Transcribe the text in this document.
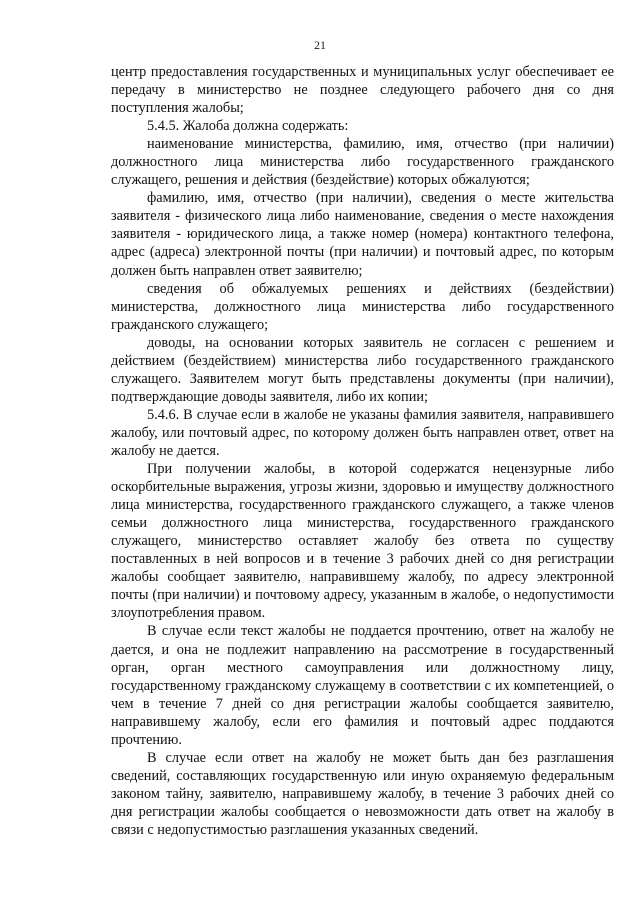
21

центр предоставления государственных и муниципальных услуг обеспечивает ее передачу в министерство не позднее следующего рабочего дня со дня поступления жалобы;

5.4.5. Жалоба должна содержать:

наименование министерства, фамилию, имя, отчество (при наличии) должностного лица министерства либо государственного гражданского служащего, решения и действия (бездействие) которых обжалуются;

фамилию, имя, отчество (при наличии), сведения о месте жительства заявителя - физического лица либо наименование, сведения о месте нахождения заявителя - юридического лица, а также номер (номера) контактного телефона, адрес (адреса) электронной почты (при наличии) и почтовый адрес, по которым должен быть направлен ответ заявителю;

сведения об обжалуемых решениях и действиях (бездействии) министерства, должностного лица министерства либо государственного гражданского служащего;

доводы, на основании которых заявитель не согласен с решением и действием (бездействием) министерства либо государственного гражданского служащего. Заявителем могут быть представлены документы (при наличии), подтверждающие доводы заявителя, либо их копии;

5.4.6. В случае если в жалобе не указаны фамилия заявителя, направившего жалобу, или почтовый адрес, по которому должен быть направлен ответ, ответ на жалобу не дается.

При получении жалобы, в которой содержатся нецензурные либо оскорбительные выражения, угрозы жизни, здоровью и имуществу должностного лица министерства, государственного гражданского служащего, а также членов семьи должностного лица министерства, государственного гражданского служащего, министерство оставляет жалобу без ответа по существу поставленных в ней вопросов и в течение 3 рабочих дней со дня регистрации жалобы сообщает заявителю, направившему жалобу, по адресу электронной почты (при наличии) и почтовому адресу, указанным в жалобе, о недопустимости злоупотребления правом.

В случае если текст жалобы не поддается прочтению, ответ на жалобу не дается, и она не подлежит направлению на рассмотрение в государственный орган, орган местного самоуправления или должностному лицу, государственному гражданскому служащему в соответствии с их компетенцией, о чем в течение 7 дней со дня регистрации жалобы сообщается заявителю, направившему жалобу, если его фамилия и почтовый адрес поддаются прочтению.

В случае если ответ на жалобу не может быть дан без разглашения сведений, составляющих государственную или иную охраняемую федеральным законом тайну, заявителю, направившему жалобу, в течение 3 рабочих дней со дня регистрации жалобы сообщается о невозможности дать ответ на жалобу в связи с недопустимостью разглашения указанных сведений.
